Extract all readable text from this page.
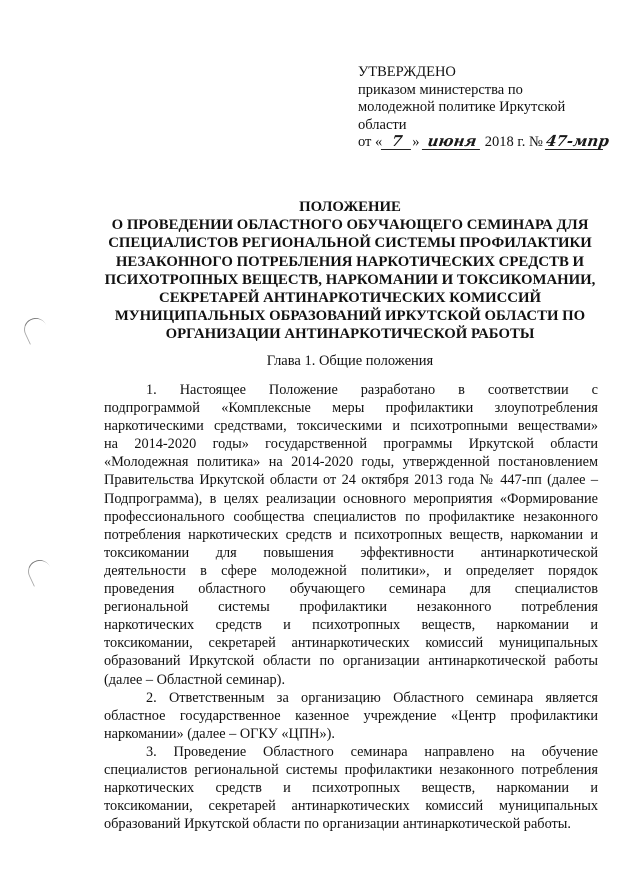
УТВЕРЖДЕНО
приказом министерства по
молодежной политике Иркутской
области
от « 7 » июня 2018 г. № 47-мпр
ПОЛОЖЕНИЕ
О ПРОВЕДЕНИИ ОБЛАСТНОГО ОБУЧАЮЩЕГО СЕМИНАРА ДЛЯ
СПЕЦИАЛИСТОВ РЕГИОНАЛЬНОЙ СИСТЕМЫ ПРОФИЛАКТИКИ
НЕЗАКОННОГО ПОТРЕБЛЕНИЯ НАРКОТИЧЕСКИХ СРЕДСТВ И
ПСИХОТРОПНЫХ ВЕЩЕСТВ, НАРКОМАНИИ И ТОКСИКОМАНИИ,
СЕКРЕТАРЕЙ АНТИНАРКОТИЧЕСКИХ КОМИССИЙ
МУНИЦИПАЛЬНЫХ ОБРАЗОВАНИЙ ИРКУТСКОЙ ОБЛАСТИ ПО
ОРГАНИЗАЦИИ АНТИНАРКОТИЧЕСКОЙ РАБОТЫ
Глава 1. Общие положения
1. Настоящее Положение разработано в соответствии с
подпрограммой «Комплексные меры профилактики злоупотребления
наркотическими средствами, токсическими и психотропными веществами»
на 2014-2020 годы» государственной программы Иркутской области
«Молодежная политика» на 2014-2020 годы, утвержденной постановлением
Правительства Иркутской области от 24 октября 2013 года № 447-пп (далее –
Подпрограмма), в целях реализации основного мероприятия «Формирование
профессионального сообщества специалистов по профилактике незаконного
потребления наркотических средств и психотропных веществ, наркомании и
токсикомании для повышения эффективности антинаркотической
деятельности в сфере молодежной политики», и определяет порядок
проведения областного обучающего семинара для специалистов
региональной системы профилактики незаконного потребления
наркотических средств и психотропных веществ, наркомании и
токсикомании, секретарей антинаркотических комиссий муниципальных
образований Иркутской области по организации антинаркотической работы
(далее – Областной семинар).
2. Ответственным за организацию Областного семинара является
областное государственное казенное учреждение «Центр профилактики
наркомании» (далее – ОГКУ «ЦПН»).
3. Проведение Областного семинара направлено на обучение
специалистов региональной системы профилактики незаконного потребления
наркотических средств и психотропных веществ, наркомании и
токсикомании, секретарей антинаркотических комиссий муниципальных
образований Иркутской области по организации антинаркотической работы.
